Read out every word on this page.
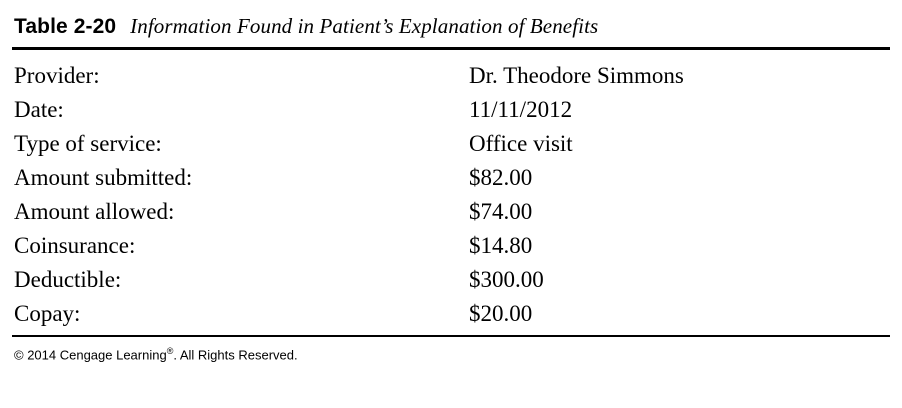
Table 2-20 Information Found in Patient’s Explanation of Benefits
Provider:	Dr. Theodore Simmons
Date:	11/11/2012
Type of service:	Office visit
Amount submitted:	$82.00
Amount allowed:	$74.00
Coinsurance:	$14.80
Deductible:	$300.00
Copay:	$20.00
© 2014 Cengage Learning®. All Rights Reserved.
